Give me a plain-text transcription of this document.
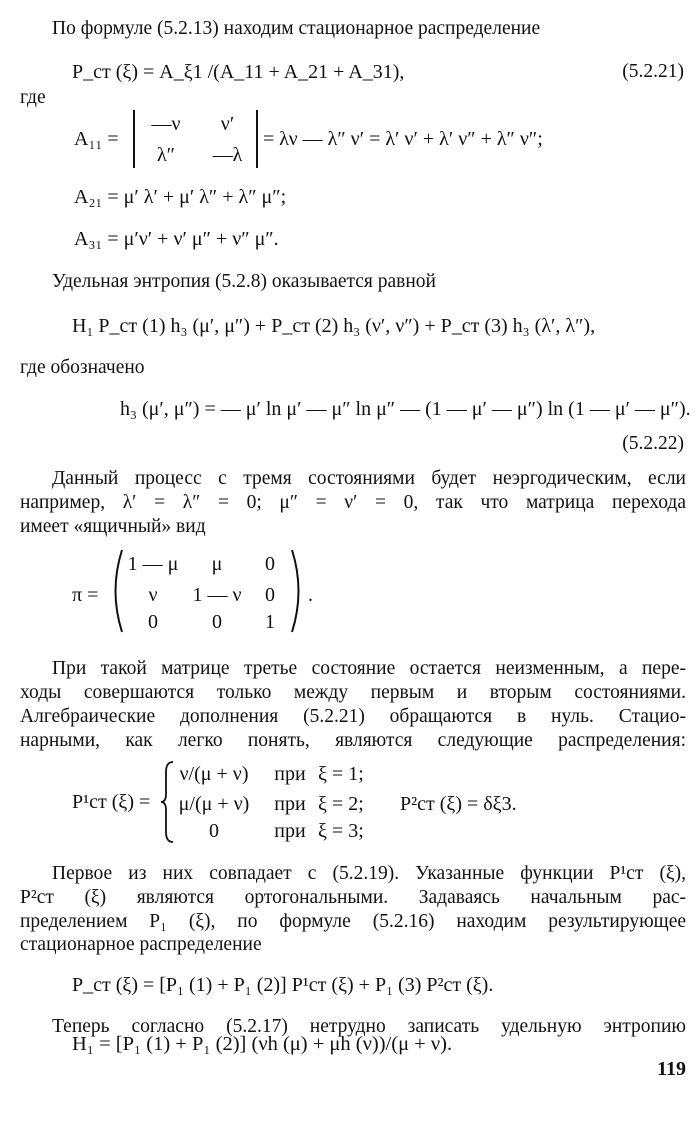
По формуле (5.2.13) находим стационарное распределение
P_ст (ξ) = A_ξ1 /(A_11 + A_21 + A_31),	(5.2.21)
где
A₁₁ =
—ν	ν′
λ″	—λ
= λν — λ″ ν′ = λ′ ν′ + λ′ ν″ + λ″ ν″;
A₂₁ = μ′ λ′ + μ′ λ″ + λ″ μ″;
A₃₁ = μ′ν′ + ν′ μ″ + ν″ μ″.
Удельная энтропия (5.2.8) оказывается равной
H₁ P_ст (1) h₃ (μ′, μ″) + P_ст (2) h₃ (ν′, ν″) + P_ст (3) h₃ (λ′, λ″),
где обозначено
h₃ (μ′, μ″) = — μ′ ln μ′ — μ″ ln μ″ — (1 — μ′ — μ″) ln (1 — μ′ — μ″).
(5.2.22)
Данный процесс с тремя состояниями будет неэргодическим, если
например, λ′ = λ″ = 0; μ″ = ν′ = 0, так что матрица перехода
имеет «ящичный» вид
π =
1 — μ	μ	0
ν	1 — ν	0
0	0	1
.
При такой матрице третье состояние остается неизменным, а пере-
ходы совершаются только между первым и вторым состояниями.
Алгебраические дополнения (5.2.21) обращаются в нуль. Стацио-
нарными, как легко понять, являются следующие распределения:
P¹ст (ξ) =
ν/(μ + ν)	при ξ = 1;
μ/(μ + ν)	при ξ = 2;
0	при ξ = 3;
P²ст (ξ) = δξ3.
Первое из них совпадает с (5.2.19). Указанные функции P¹ст (ξ),
P²ст (ξ) являются ортогональными. Задаваясь начальным рас-
пределением P₁ (ξ), по формуле (5.2.16) находим результирующее
стационарное распределение
P_ст (ξ) = [P₁ (1) + P₁ (2)] P¹ст (ξ) + P₁ (3) P²ст (ξ).
Теперь согласно (5.2.17) нетрудно записать удельную энтропию
H₁ = [P₁ (1) + P₁ (2)] (νh (μ) + μh (ν))/(μ + ν).
119
